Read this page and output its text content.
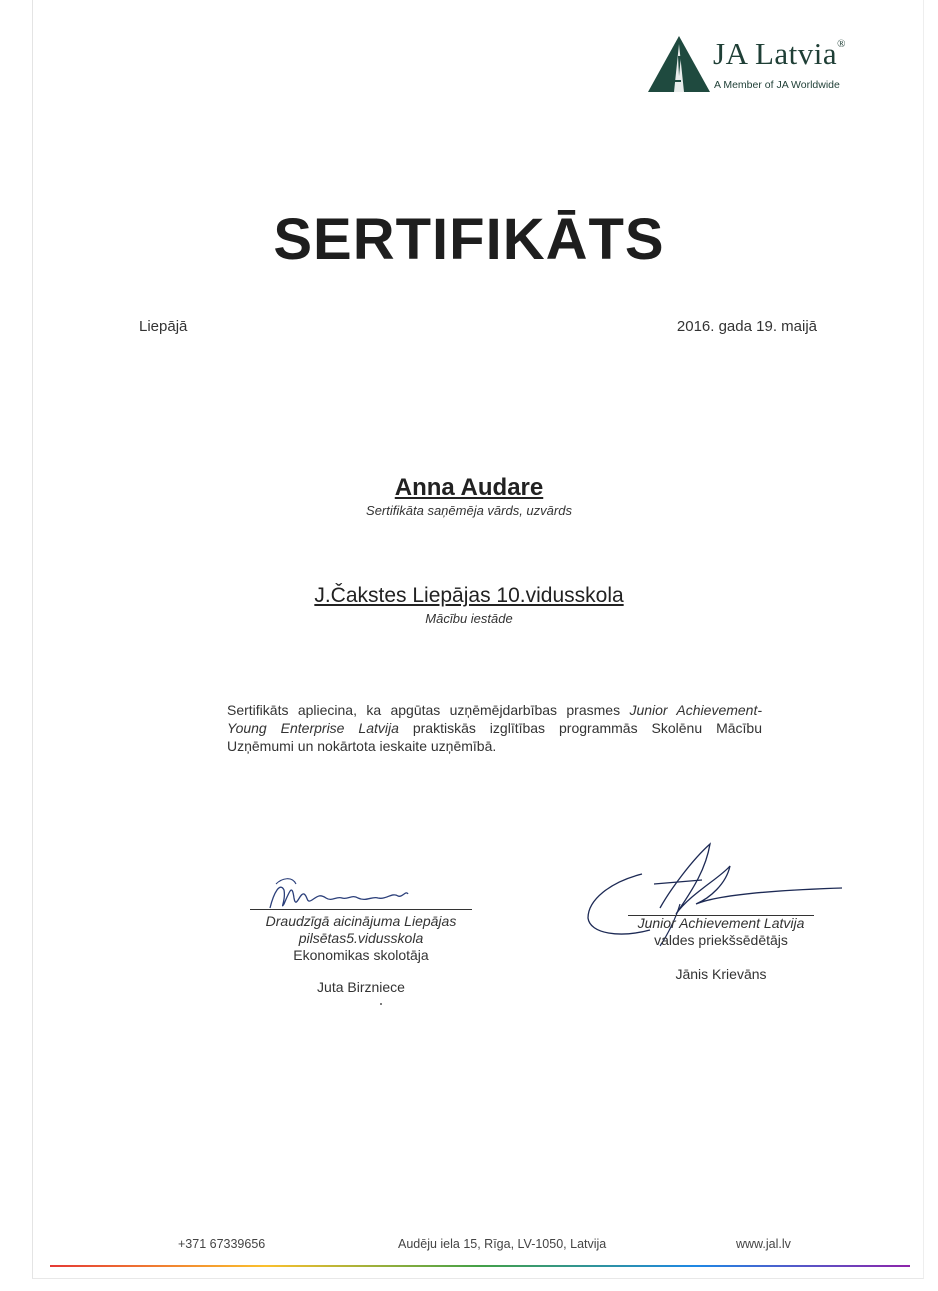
JA Latvia®
A Member of JA Worldwide
SERTIFIKĀTS
Liepājā	2016. gada 19. maijā
Anna Audare
Sertifikāta saņēmēja vārds, uzvārds
J.Čakstes Liepājas 10.vidusskola
Mācību iestāde
Sertifikāts apliecina, ka apgūtas uzņēmējdarbības prasmes Junior Achievement- Young Enterprise Latvija praktiskās izglītības programmās Skolēnu Mācību Uzņēmumi un nokārtota ieskaite uzņēmībā.
Draudzīgā aicinājuma Liepājas
pilsētas5.vidusskola
Ekonomikas skolotāja
Juta Birzniece
Junior Achievement Latvija
valdes priekšsēdētājs
Jānis Krievāns
+371 67339656	Audēju iela 15, Rīga, LV-1050, Latvija	www.jal.lv
